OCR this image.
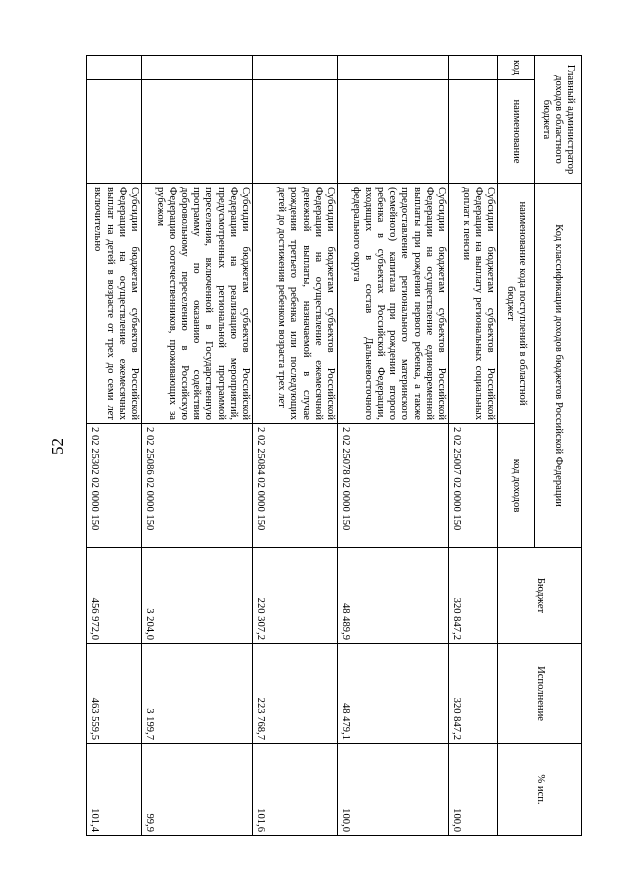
52
Главный администратор доходов областного бюджета		Код классификации доходов бюджетов Российской Федерации		Бюджет	Исполнение	% исп.
код	наименование	наименование кода поступлений в областной бюджет	код доходов			
		Субсидии бюджетам субъектов Российской Федерации на выплату региональных социальных доплат к пенсии	2 02 25007 02 0000 150	320 847,2	320 847,2	100,0
		Субсидии бюджетам субъектов Российской Федерации на осуществление единовременной выплаты при рождении первого ребенка, а также предоставление регионального материнского (семейного) капитала при рождении второго ребенка в субъектах Российской Федерации, входящих в состав Дальневосточного федерального округа	2 02 25078 02 0000 150	48 489,9	48 479,1	100,0
		Субсидии бюджетам субъектов Российской Федерации на осуществление ежемесячной денежной выплаты, назначаемой в случае рождения третьего ребенка или последующих детей до достижения ребенком возраста трех лет	2 02 25084 02 0000 150	220 307,2	223 768,7	101,6
		Субсидии бюджетам субъектов Российской Федерации на реализацию мероприятий, предусмотренных региональной программой переселения, включенной в Государственную программу по оказанию содействия добровольному переселению в Российскую Федерацию соотечественников, проживающих за рубежом	2 02 25086 02 0000 150	3 204,0	3 199,7	99,9
		Субсидии бюджетам субъектов Российской Федерации на осуществление ежемесячных выплат на детей в возрасте от трех до семи лет включительно	2 02 25302 02 0000 150	456 972,0	463 559,5	101,4
